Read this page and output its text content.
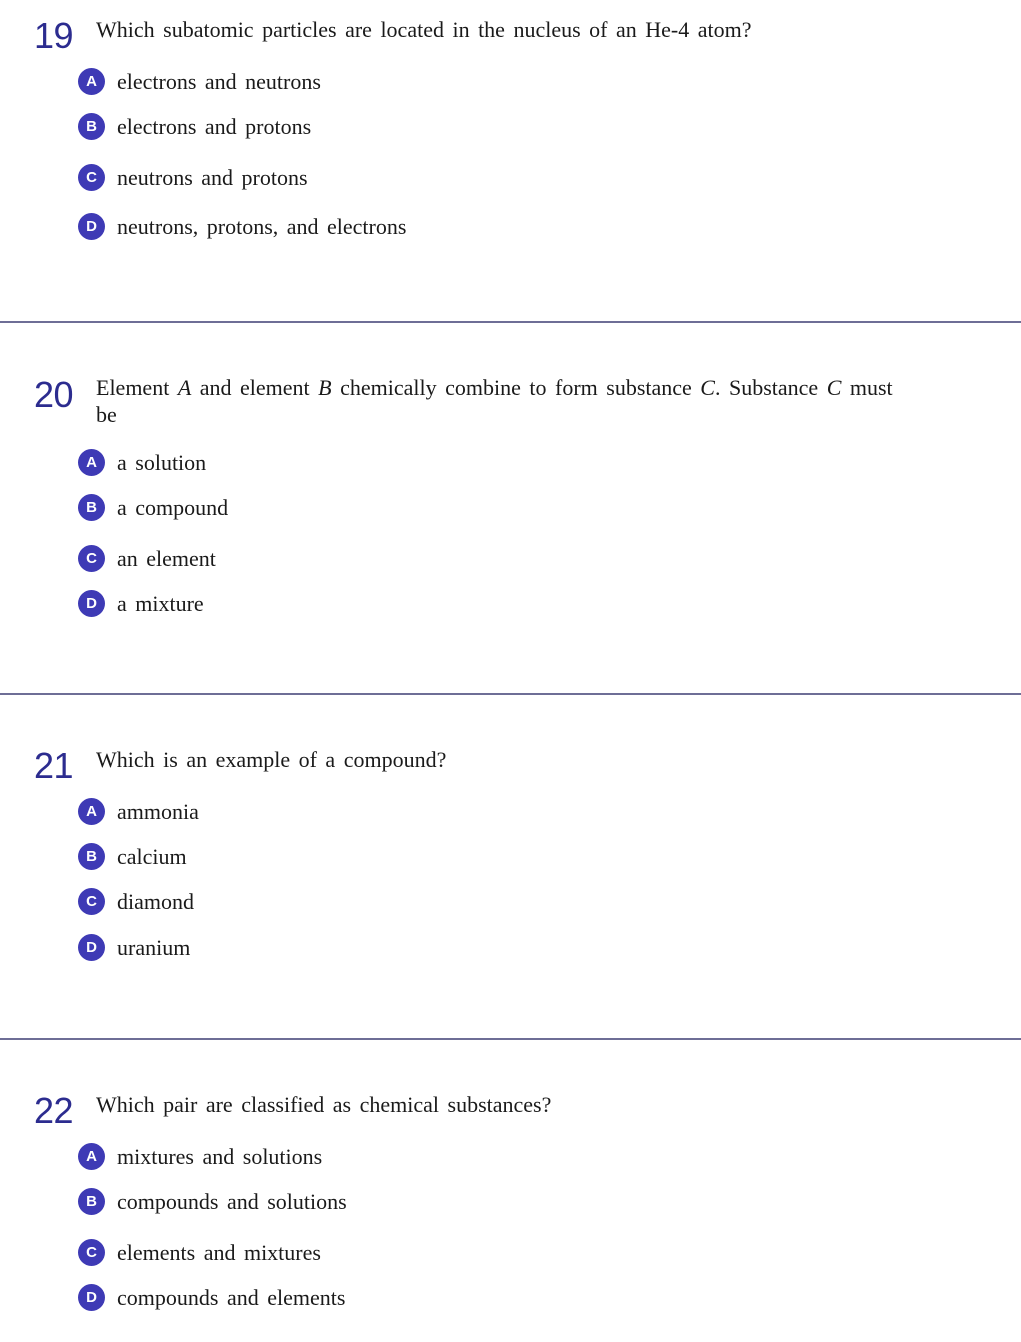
19 Which subatomic particles are located in the nucleus of an He-4 atom?
A electrons and neutrons
B electrons and protons
C neutrons and protons
D neutrons, protons, and electrons
20 Element A and element B chemically combine to form substance C. Substance C must be
A a solution
B a compound
C an element
D a mixture
21 Which is an example of a compound?
A ammonia
B calcium
C diamond
D uranium
22 Which pair are classified as chemical substances?
A mixtures and solutions
B compounds and solutions
C elements and mixtures
D compounds and elements
